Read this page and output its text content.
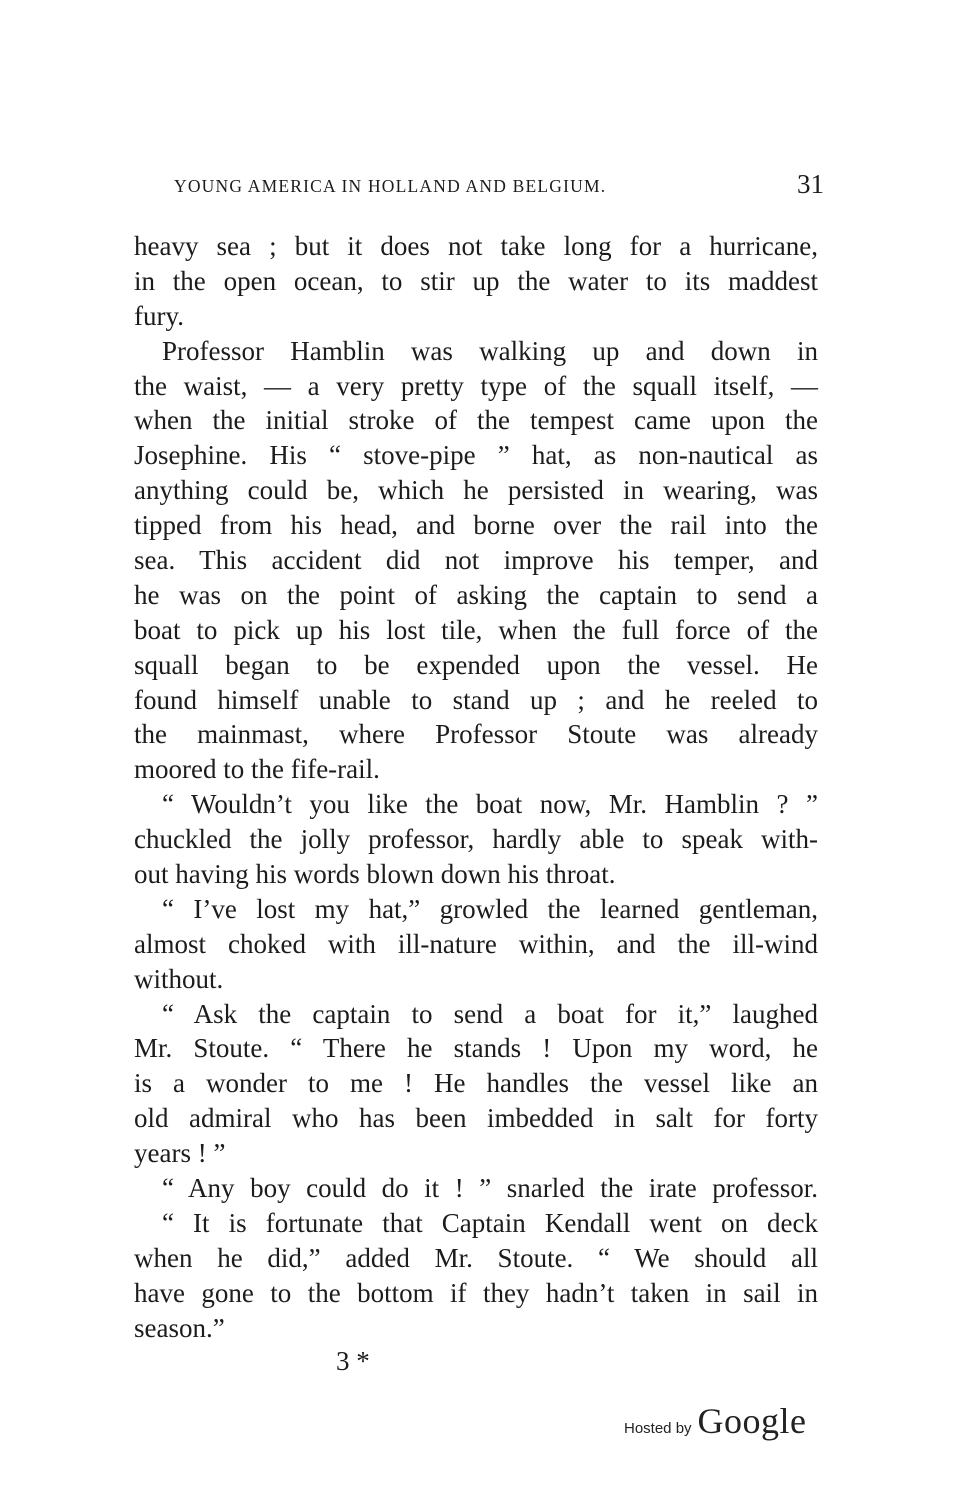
YOUNG AMERICA IN HOLLAND AND BELGIUM.	31
heavy sea ; but it does not take long for a hurricane,
in the open ocean, to stir up the water to its maddest
fury.
Professor Hamblin was walking up and down in
the waist, — a very pretty type of the squall itself, —
when the initial stroke of the tempest came upon the
Josephine. His “ stove-pipe ” hat, as non-nautical as
anything could be, which he persisted in wearing, was
tipped from his head, and borne over the rail into the
sea. This accident did not improve his temper, and
he was on the point of asking the captain to send a
boat to pick up his lost tile, when the full force of the
squall began to be expended upon the vessel. He
found himself unable to stand up ; and he reeled to
the mainmast, where Professor Stoute was already
moored to the fife-rail.
“ Wouldn’t you like the boat now, Mr. Hamblin ? ”
chuckled the jolly professor, hardly able to speak with-
out having his words blown down his throat.
“ I’ve lost my hat,” growled the learned gentleman,
almost choked with ill-nature within, and the ill-wind
without.
“ Ask the captain to send a boat for it,” laughed
Mr. Stoute. “ There he stands ! Upon my word, he
is a wonder to me ! He handles the vessel like an
old admiral who has been imbedded in salt for forty
years ! ”
“ Any boy could do it ! ” snarled the irate professor.
“ It is fortunate that Captain Kendall went on deck
when he did,” added Mr. Stoute. “ We should all
have gone to the bottom if they hadn’t taken in sail in
season.”
3 *
Hosted by Google
